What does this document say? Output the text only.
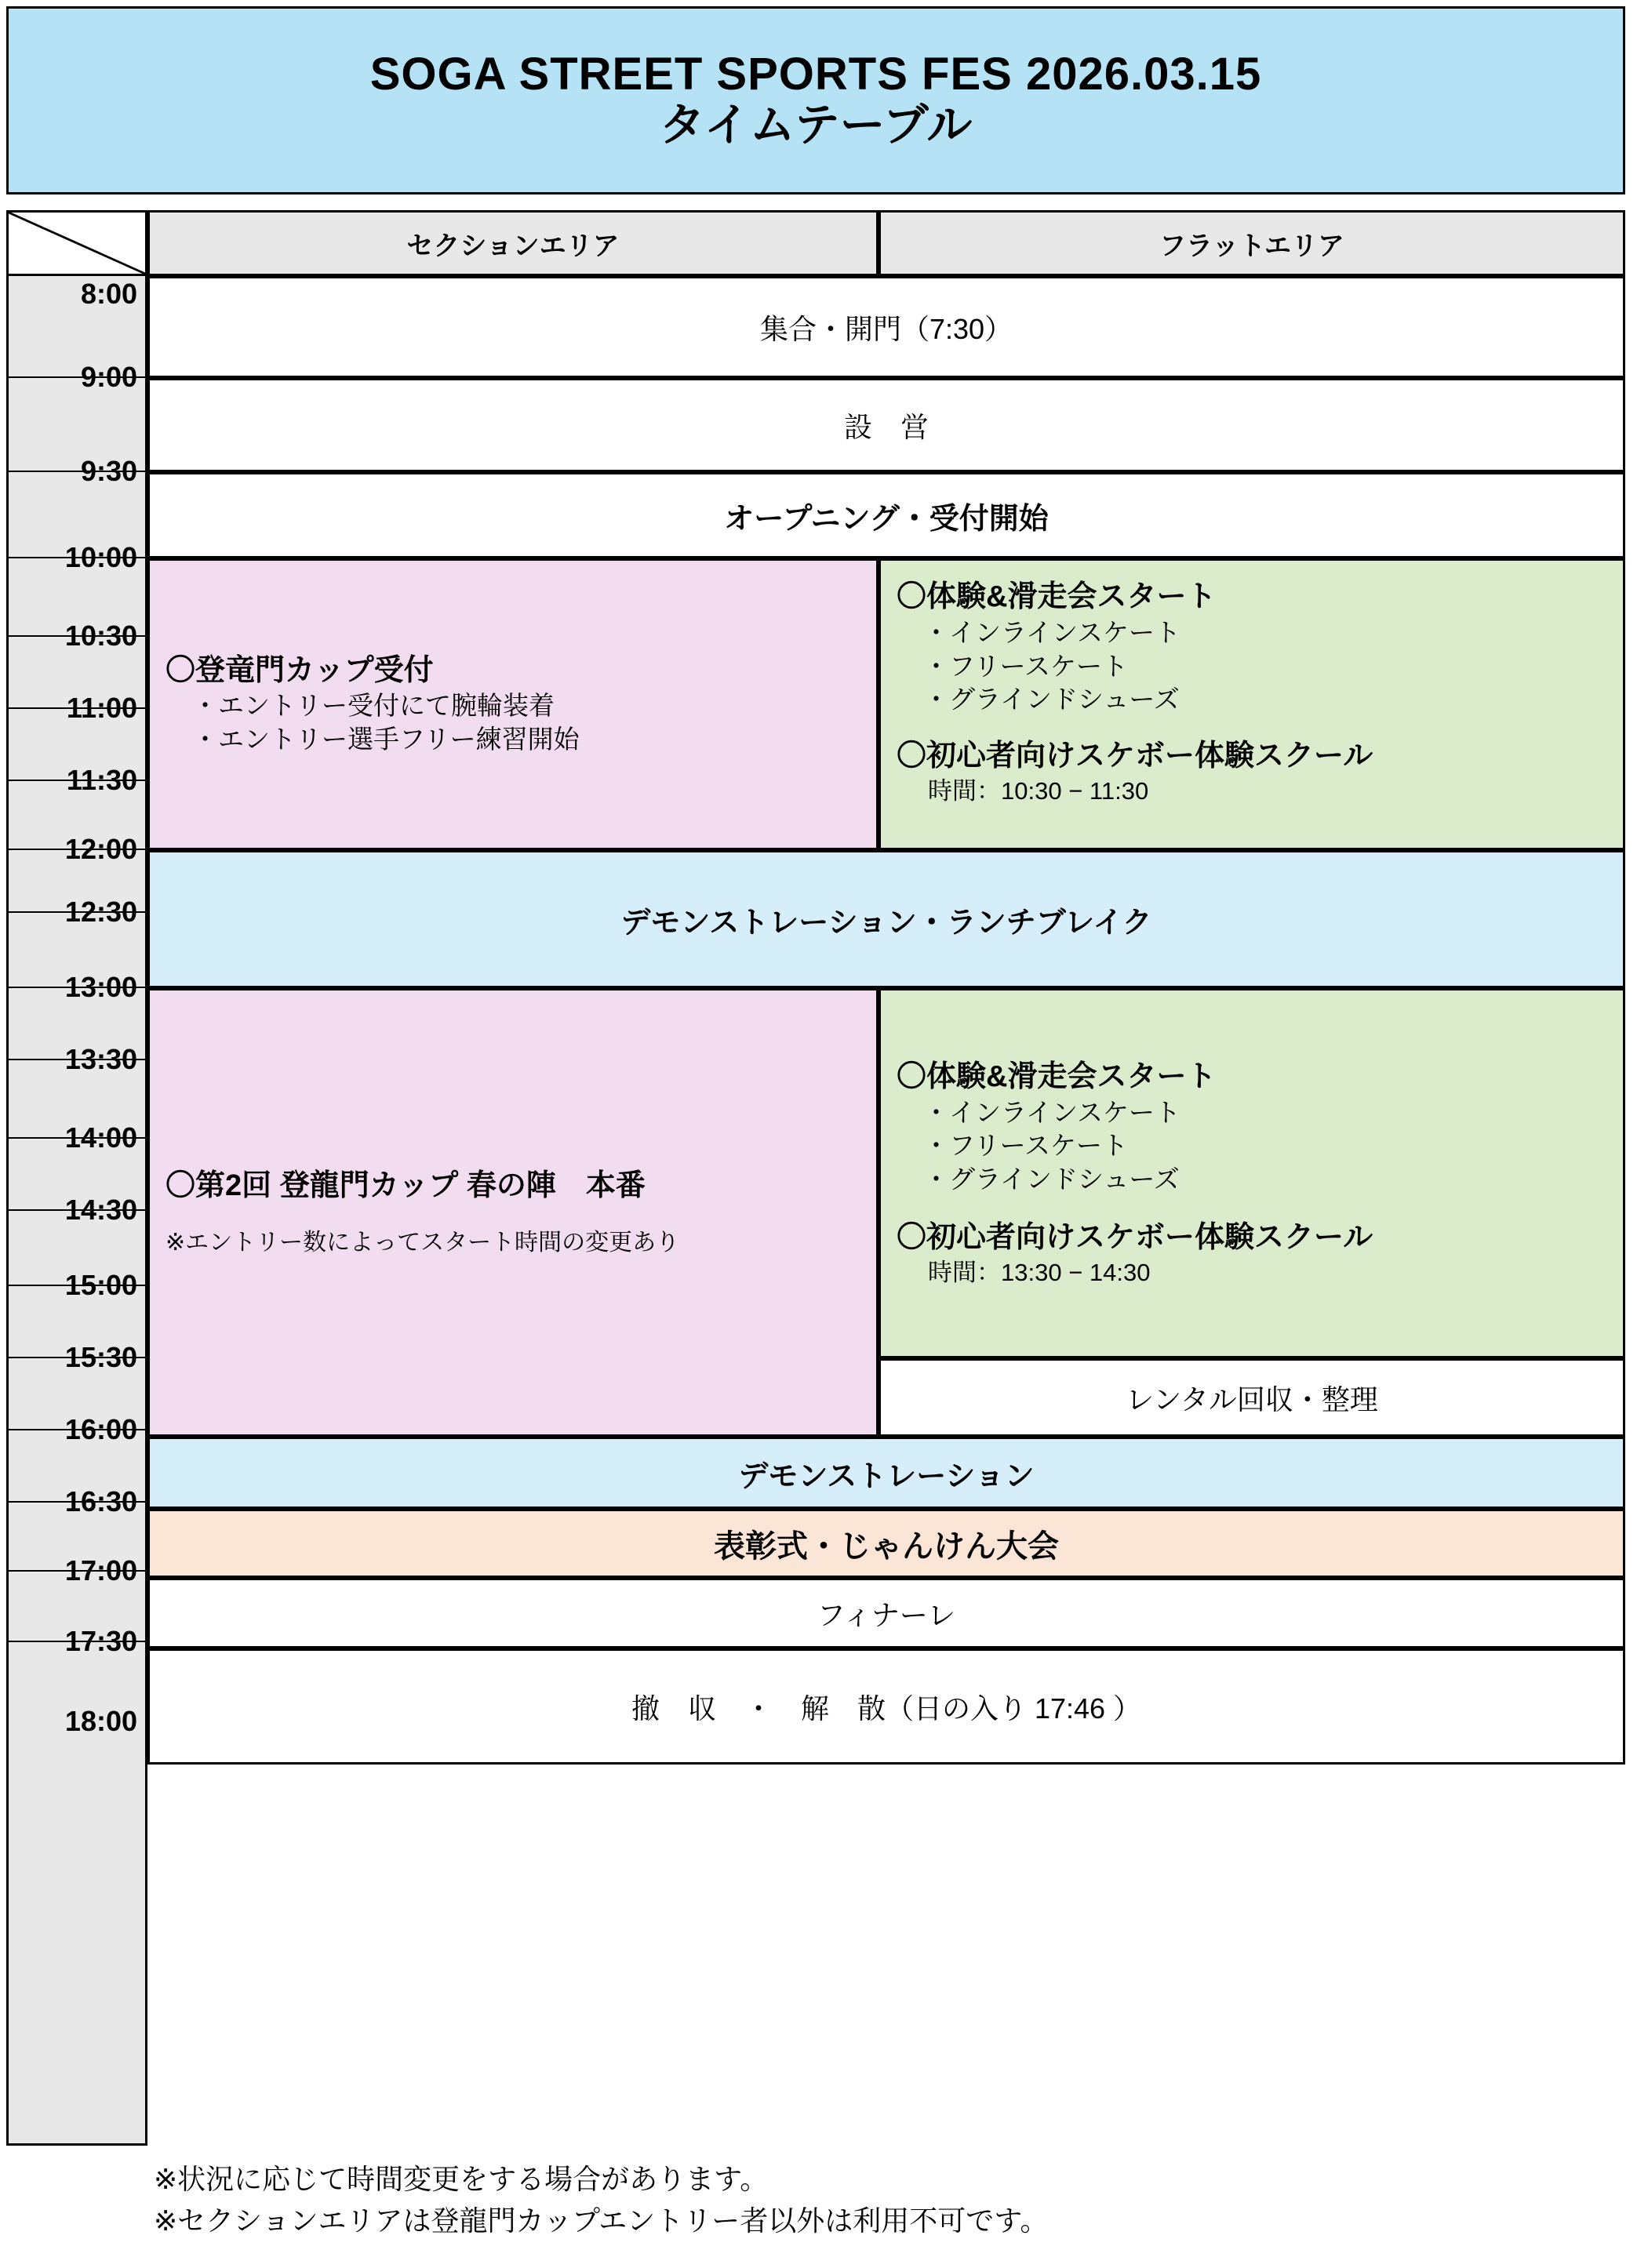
SOGA STREET SPORTS FES 2026.03.15
タイムテーブル
セクションエリア	フラットエリア
8:00
9:00
9:30
10:00
10:30
11:00
11:30
12:00
12:30
13:00
13:30
14:00
14:30
15:00
15:30
16:00
16:30
17:00
17:30
18:00
集合・開門（7:30）
設　営
オープニング・受付開始
〇登竜門カップ受付
・エントリー受付にて腕輪装着
・エントリー選手フリー練習開始
〇体験&滑走会スタート
・インラインスケート
・フリースケート
・グラインドシューズ
〇初心者向けスケボー体験スクール
時間：10:30 − 11:30
デモンストレーション・ランチブレイク
〇第2回 登龍門カップ 春の陣　本番
※エントリー数によってスタート時間の変更あり
〇体験&滑走会スタート
・インラインスケート
・フリースケート
・グラインドシューズ
〇初心者向けスケボー体験スクール
時間：13:30 − 14:30
レンタル回収・整理
デモンストレーション
表彰式・じゃんけん大会
フィナーレ
撤　収　・　解　散（日の入り 17:46 ）
※状況に応じて時間変更をする場合があります。
※セクションエリアは登龍門カップエントリー者以外は利用不可です。
